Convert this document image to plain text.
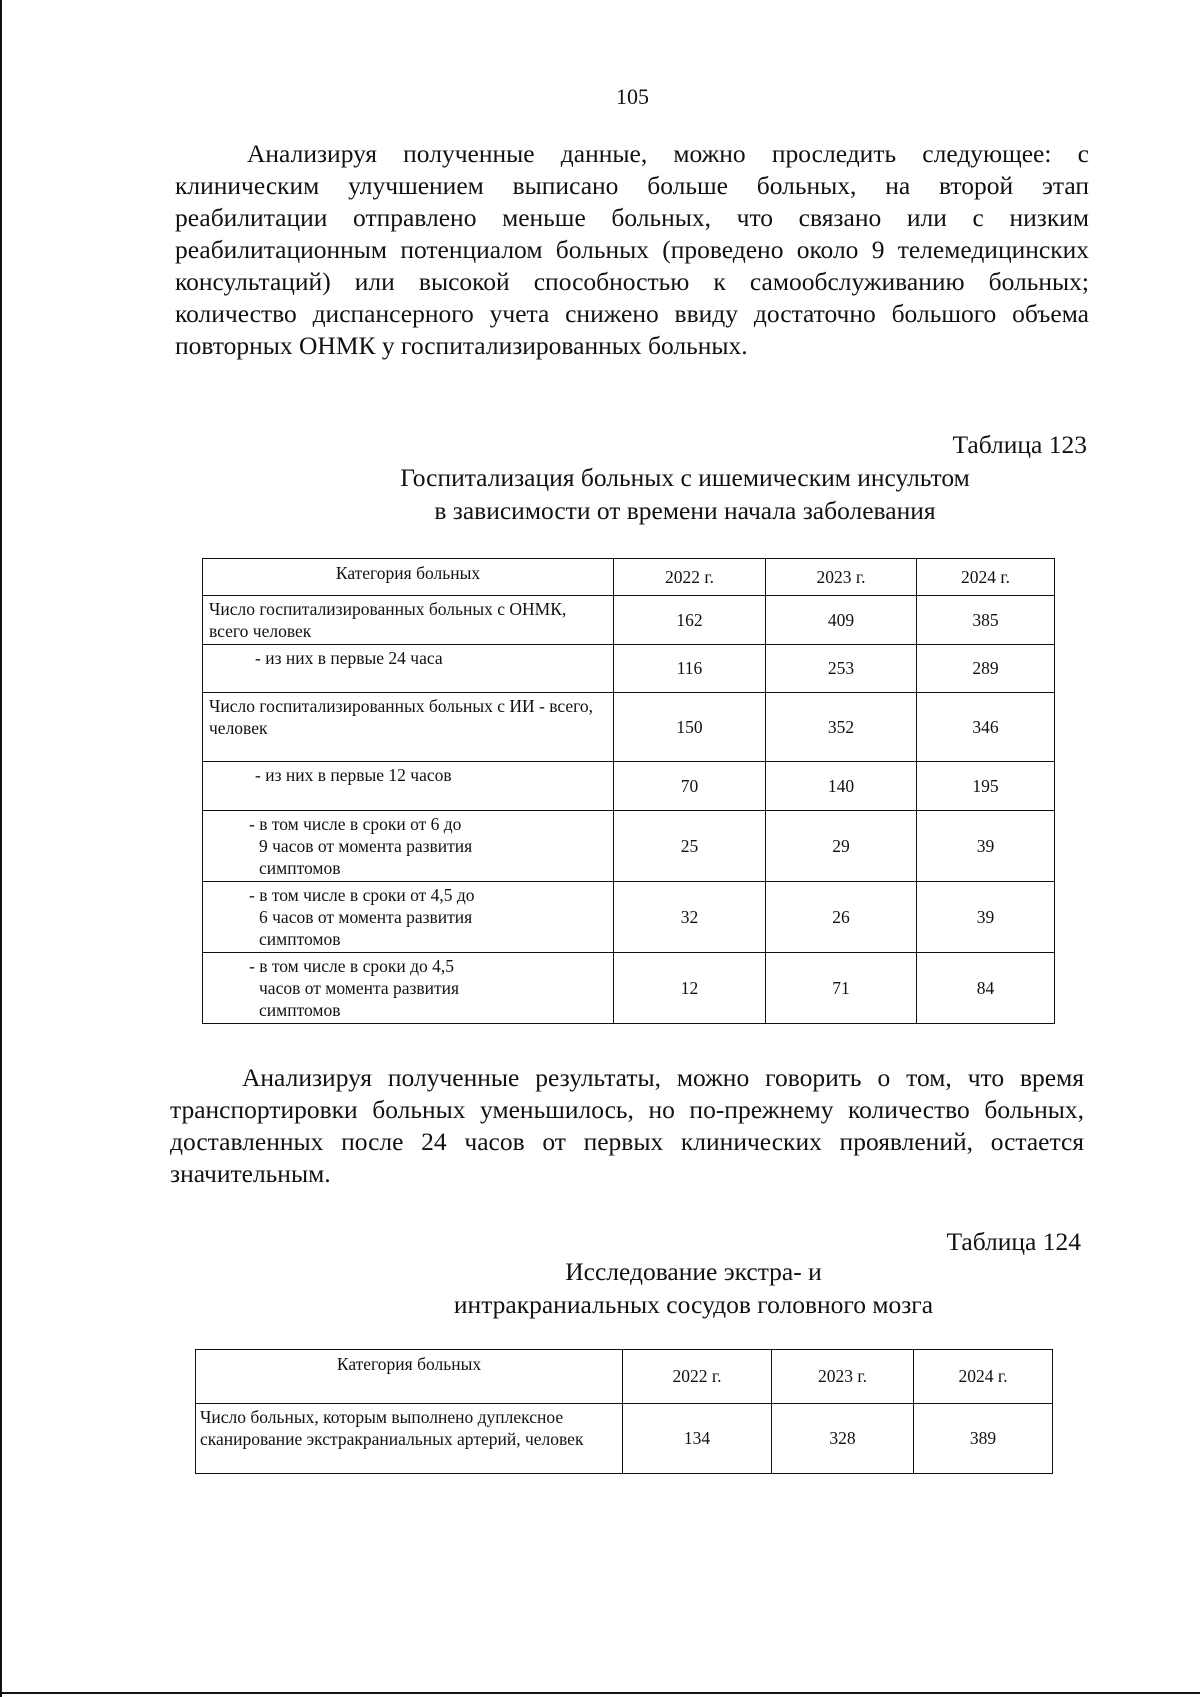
105

Анализируя полученные данные, можно проследить следующее: с клиническим улучшением выписано больше больных, на второй этап реабилитации отправлено меньше больных, что связано или с низким реабилитационным потенциалом больных (проведено около 9 телемедицинских консультаций) или высокой способностью к самообслуживанию больных; количество диспансерного учета снижено ввиду достаточно большого объема повторных ОНМК у госпитализированных больных.

Таблица 123
Госпитализация больных с ишемическим инсультом
в зависимости от времени начала заболевания
Категория больных	2022 г.	2023 г.	2024 г.
Число госпитализированных больных с ОНМК, всего человек	162	409	385
- из них в первые 24 часа	116	253	289
Число госпитализированных больных с ИИ - всего, человек	150	352	346
- из них в первые 12 часов	70	140	195
- в том числе в сроки от 6 до
9 часов от момента развития
симптомов	25	29	39
- в том числе в сроки от 4,5 до
6 часов от момента развития
симптомов	32	26	39
- в том числе в сроки до 4,5
часов от момента развития
симптомов	12	71	84

Анализируя полученные результаты, можно говорить о том, что время транспортировки больных уменьшилось, но по-прежнему количество больных, доставленных после 24 часов от первых клинических проявлений, остается значительным.

Таблица 124
Исследование экстра- и
интракраниальных сосудов головного мозга
Категория больных	2022 г.	2023 г.	2024 г.
Число больных, которым выполнено дуплексное сканирование экстракраниальных артерий, человек	134	328	389
